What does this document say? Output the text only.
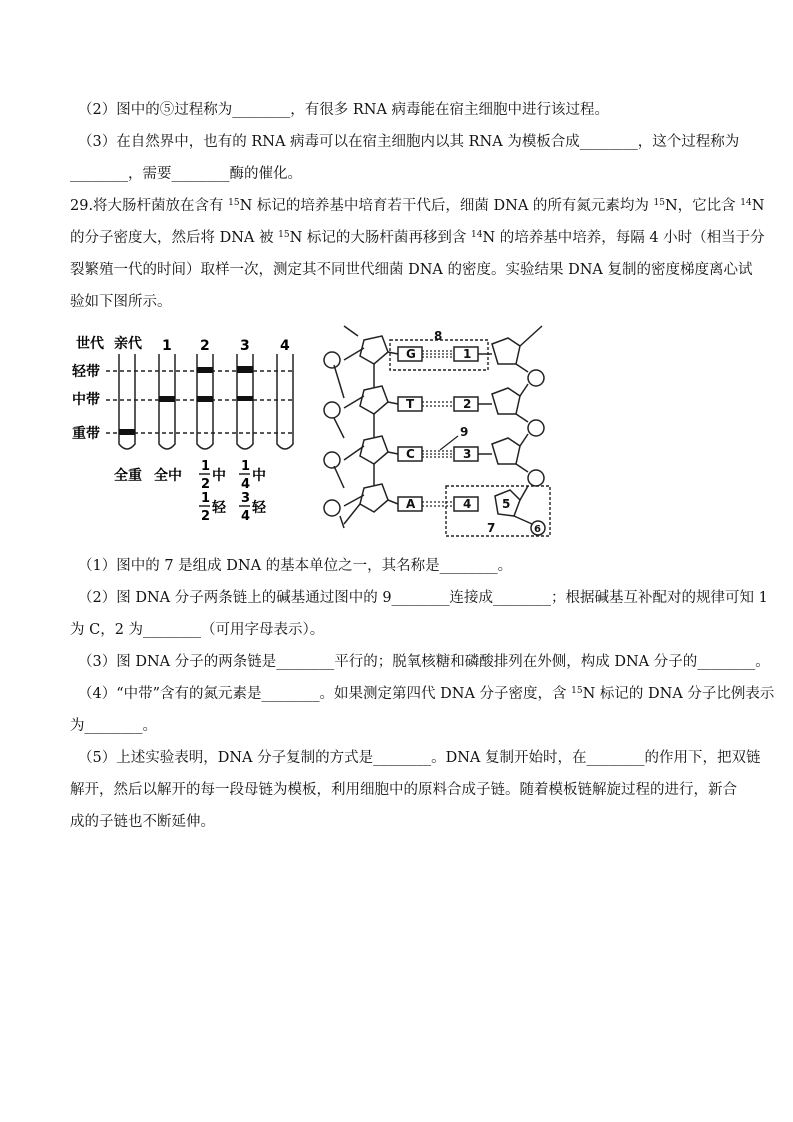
（2）图中的⑤过程称为________，有很多 RNA 病毒能在宿主细胞中进行该过程。
（3）在自然界中，也有的 RNA 病毒可以在宿主细胞内以其 RNA 为模板合成________，这个过程称为
________，需要________酶的催化。
29.将大肠杆菌放在含有 $^{15}$N 标记的培养基中培育若干代后，细菌 DNA 的所有氮元素均为 $^{15}$N，它比含 $^{14}$N
的分子密度大，然后将 DNA 被 $^{15}$N 标记的大肠杆菌再移到含 $^{14}$N 的培养基中培养，每隔 4 小时（相当于分
裂繁殖一代的时间）取样一次，测定其不同世代细菌 DNA 的密度。实验结果 DNA 复制的密度梯度离心试
验如下图所示。
世代 亲代 1 2 3 4
轻带
中带
重带
全重 全中
1
2
中
1
2
轻
1
4
中
3
4
轻
G
T
C
A
1
2
3
4	5
6
7
8
9
（1）图中的 7 是组成 DNA 的基本单位之一，其名称是________。
（2）图 DNA 分子两条链上的碱基通过图中的 9________连接成________；根据碱基互补配对的规律可知 1
为 C，2 为________（可用字母表示）。
（3）图 DNA 分子的两条链是________平行的；脱氧核糖和磷酸排列在外侧，构成 DNA 分子的________。
（4）“中带”含有的氮元素是________。如果测定第四代 DNA 分子密度，含 $^{15}$N 标记的 DNA 分子比例表示
为________。
（5）上述实验表明，DNA 分子复制的方式是________。DNA 复制开始时，在________的作用下，把双链
解开，然后以解开的每一段母链为模板，利用细胞中的原料合成子链。随着模板链解旋过程的进行，新合
成的子链也不断延伸。
